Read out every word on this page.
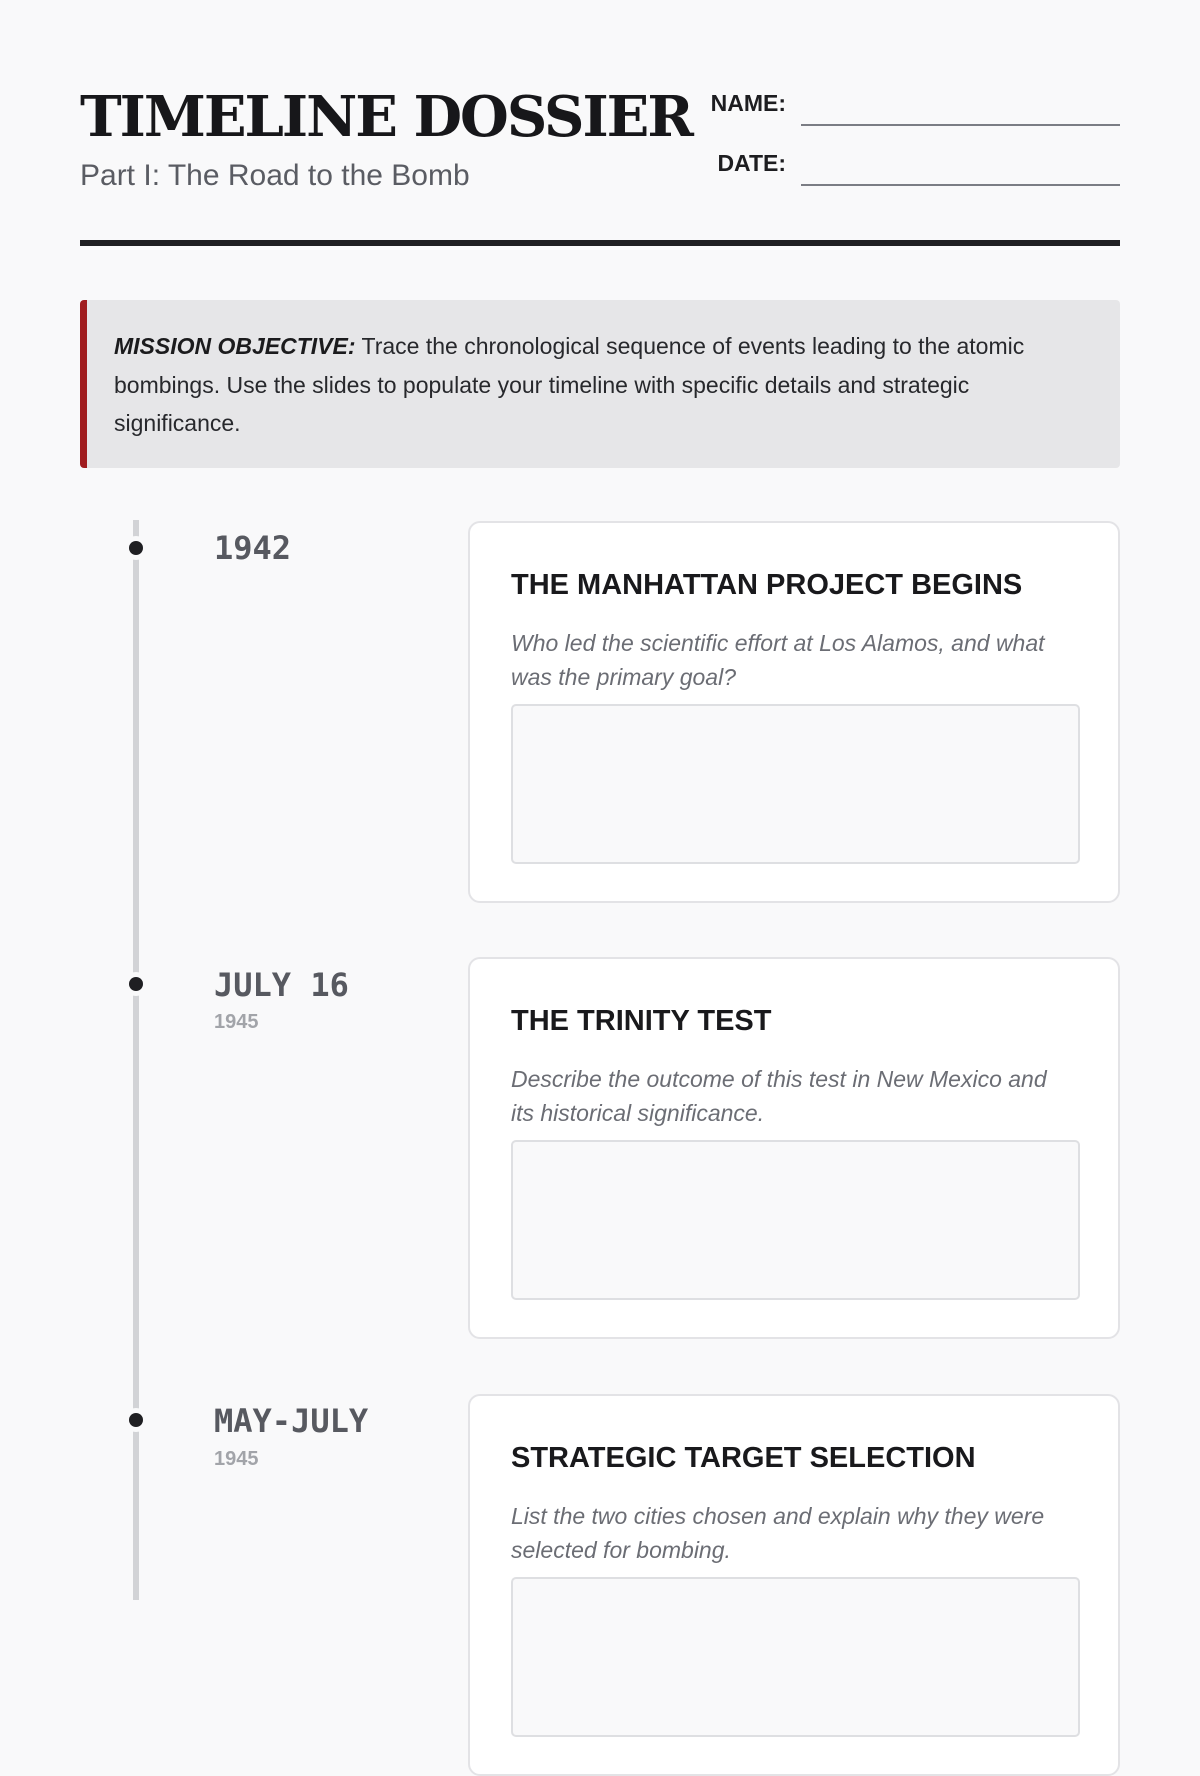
TIMELINE DOSSIER
Part I: The Road to the Bomb
NAME:
DATE:
MISSION OBJECTIVE: Trace the chronological sequence of events leading to the atomic bombings. Use the slides to populate your timeline with specific details and strategic significance.
1942
THE MANHATTAN PROJECT BEGINS
Who led the scientific effort at Los Alamos, and what was the primary goal?
JULY 16
1945	THE TRINITY TEST
Describe the outcome of this test in New Mexico and its historical significance.
MAY-JULY
1945	STRATEGIC TARGET SELECTION
List the two cities chosen and explain why they were selected for bombing.
